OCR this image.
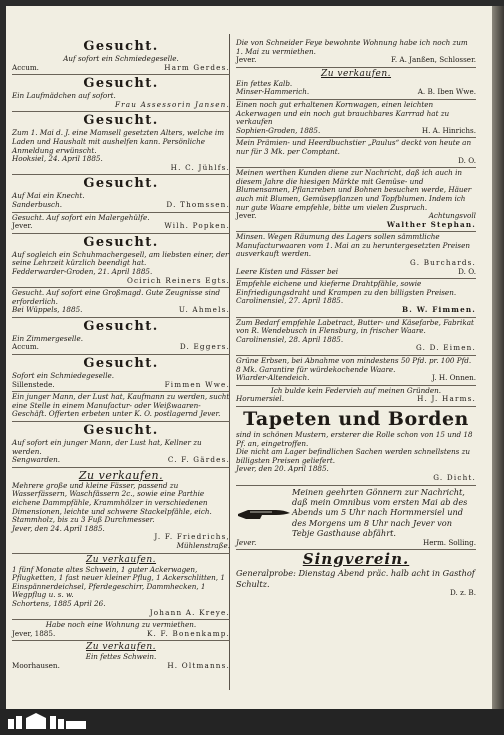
Gesucht.
Auf sofort ein Schmiedegeselle.
Accum.	Harm Gerdes.
Gesucht.
Ein Laufmädchen auf sofort.
Frau Assessorin Jansen.
Gesucht.
Zum 1. Mai d. J. eine Mamsell gesetzten Alters, welche im Laden und Haushalt mit aushelfen kann. Persönliche Anmeldung erwünscht.
Hooksiel, 24. April 1885.
H. C. Jühlfs.
Gesucht.
Auf Mai ein Knecht.
Sanderbusch.	D. Thomssen.
Gesucht. Auf sofort ein Malergehülfe.
Jever.	Wilh. Popken.
Gesucht.
Auf sogleich ein Schuhmachergesell, am liebsten einer, der seine Lehrzeit kürzlich beendigt hat.
Fedderwarder-Groden, 21. April 1885.
Ocirich Reiners Egts.
Gesucht. Auf sofort eine Großmagd. Gute Zeugnisse sind erforderlich.
Bei Wüppels, 1885.	U. Ahmels.
Gesucht.
Ein Zimmergeselle.
Accum.	D. Eggers.
Gesucht.
Sofort ein Schmiedegeselle.
Sillenstede.	Fimmen Wwe.
Ein junger Mann, der Lust hat, Kaufmann zu werden, sucht eine Stelle in einem Manufactur- oder Weißwaaren-Geschäft. Offerten erbeten unter K. O. postlagernd Jever.
Gesucht.
Auf sofort ein junger Mann, der Lust hat, Kellner zu werden.
Sengwarden.	C. F. Gärdes.
Zu verkaufen.
Mehrere große und kleine Fässer, passend zu Wasserfässern, Waschfässern 2c., sowie eine Parthie eichene Dammpfähle, Krammhölzer in verschiedenen Dimensionen, leichte und schwere Stackelpfähle, eich. Stammholz, bis zu 3 Fuß Durchmesser.
Jever, den 24. April 1885.
J. F. Friedrichs,
Mühlenstraße.
Zu verkaufen.
1 fünf Monate altes Schwein, 1 guter Ackerwagen, Pflugketten, 1 fast neuer kleiner Pflug, 1 Ackerschlitten, 1 Einspännerdeichsel, Pferdegeschirr, Dammhecken, 1 Wegpflug u. s. w.
Schortens, 1885 April 26.
Johann A. Kreye.
Habe noch eine Wohnung zu vermiethen.
Jever, 1885.	K. F. Bonenkamp.
Zu verkaufen.
Ein fettes Schwein.
Moorhausen.	H. Oltmanns.
Die von Schneider Feye bewohnte Wohnung habe ich noch zum 1. Mai zu vermiethen.
Jever.	F. A. Janßen, Schlosser.
Zu verkaufen.
Ein fettes Kalb.
Minser-Hammerich.	A. B. Iben Wwe.
Einen noch gut erhaltenen Kornwagen, einen leichten Ackerwagen und ein noch gut brauchbares Karrrad hat zu verkaufen
Sophien-Groden, 1885.	H. A. Hinrichs.
Mein Prämien- und Heerdbuchstier „Paulus“ deckt von heute an nur für 3 Mk. per Comptant.
D. O.
Meinen werthen Kunden diene zur Nachricht, daß ich auch in diesem Jahre die hiesigen Märkte mit Gemüse- und Blumensamen, Pflanzreben und Bohnen besuchen werde, Häuer auch mit Blumen, Gemüsepflanzen und Topfblumen. Indem ich nur gute Waare empfehle, bitte um vielen Zuspruch.
Jever.	Achtungsvoll
Walther Stephan.
Minsen. Wegen Räumung des Lagers sollen sämmtliche Manufacturwaaren vom 1. Mai an zu heruntergesetzten Preisen ausverkauft werden.
G. Burchards.
Leere Kisten und Fässer bei	D. O.
Empfehle eichene und kieferne Drahtpfähle, sowie Einfriedigungsdraht und Krampen zu den billigsten Preisen.
Carolinensiel, 27. April 1885.
B. W. Fimmen.
Zum Bedarf empfehle Labetract, Butter- und Käsefarbe, Fabrikat von R. Wendebusch in Flensburg, in frischer Waare.
Carolinensiel, 28. April 1885.
G. D. Eimen.
Grüne Erbsen, bei Abnahme von mindestens 50 Pfd. pr. 100 Pfd. 8 Mk. Garantire für würdekochende Waare.
Wiarder-Altendeich.	J. H. Onnen.
Ich bulde kein Federvieh auf meinen Gründen.
Horumersiel.	H. J. Harms.
Tapeten und Borden
sind in schönen Mustern, ersterer die Rolle schon von 15 und 18 Pf. an, eingetroffen.
Die nicht am Lager befindlichen Sachen werden schnellstens zu billigsten Preisen geliefert.
Jever, den 20. April 1885.
G. Dicht.
Meinen geehrten Gönnern zur Nachricht, daß mein Omnibus vom ersten Mai ab des Abends um 5 Uhr nach Hormmersiel und des Morgens um 8 Uhr nach Jever von Tebje Gasthause abfährt.
Jever.	Herm. Solling.
Singverein.
Generalprobe: Dienstag Abend präc. halb acht in Gasthof Schultz.
D. z. B.
